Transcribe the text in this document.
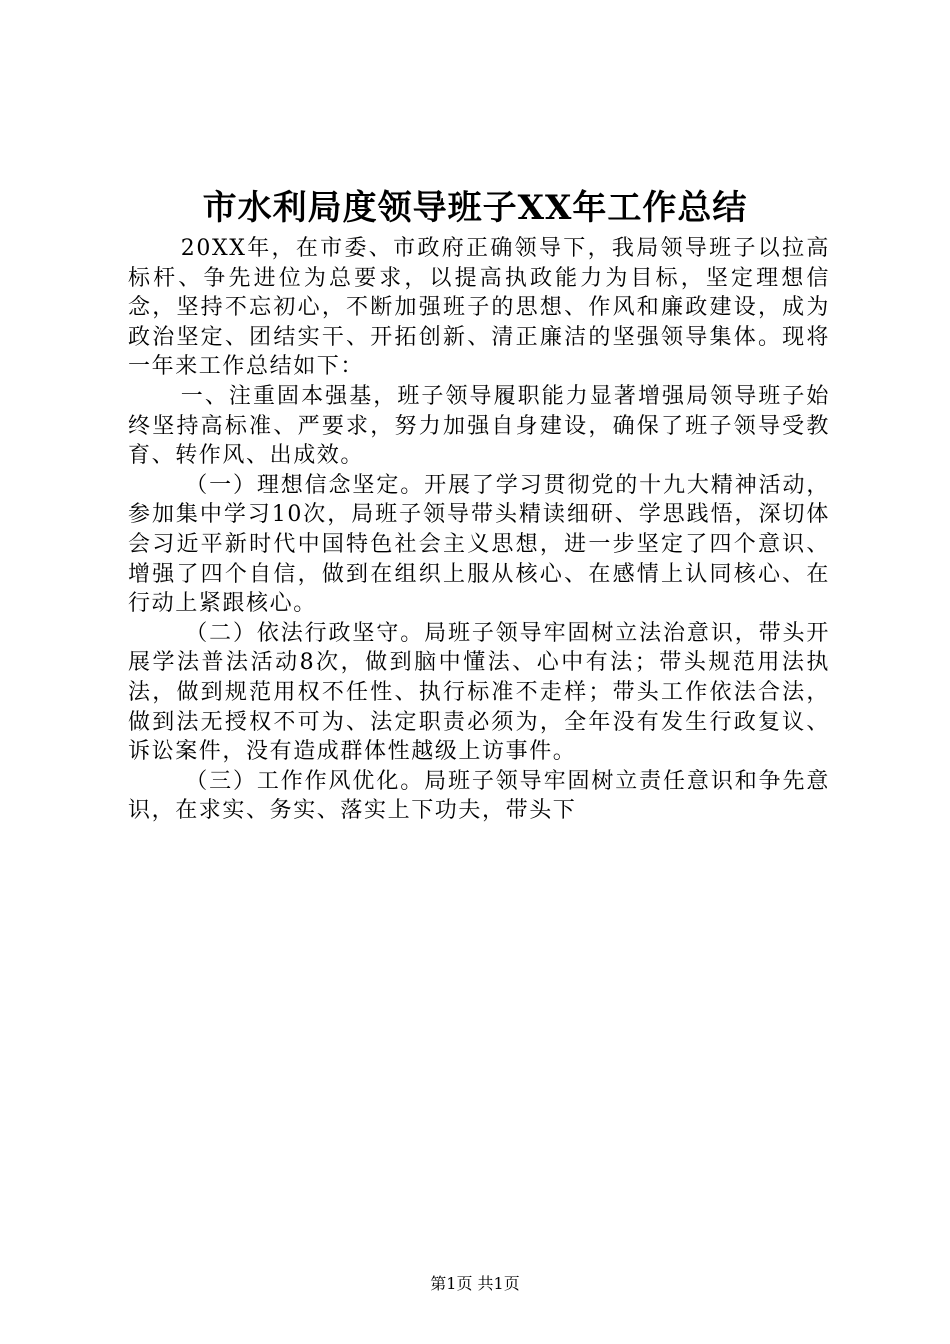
市水利局度领导班子XX年工作总结

20XX年，在市委、市政府正确领导下，我局领导班子以拉高标杆、争先进位为总要求，以提高执政能力为目标，坚定理想信念，坚持不忘初心，不断加强班子的思想、作风和廉政建设，成为政治坚定、团结实干、开拓创新、清正廉洁的坚强领导集体。现将一年来工作总结如下：

一、注重固本强基，班子领导履职能力显著增强局领导班子始终坚持高标准、严要求，努力加强自身建设，确保了班子领导受教育、转作风、出成效。

（一）理想信念坚定。开展了学习贯彻党的十九大精神活动，参加集中学习10次，局班子领导带头精读细研、学思践悟，深切体会习近平新时代中国特色社会主义思想，进一步坚定了四个意识、增强了四个自信，做到在组织上服从核心、在感情上认同核心、在行动上紧跟核心。

（二）依法行政坚守。局班子领导牢固树立法治意识，带头开展学法普法活动8次，做到脑中懂法、心中有法；带头规范用法执法，做到规范用权不任性、执行标准不走样；带头工作依法合法，做到法无授权不可为、法定职责必须为，全年没有发生行政复议、诉讼案件，没有造成群体性越级上访事件。

（三）工作作风优化。局班子领导牢固树立责任意识和争先意识，在求实、务实、落实上下功夫，带头下

第1页 共1页
